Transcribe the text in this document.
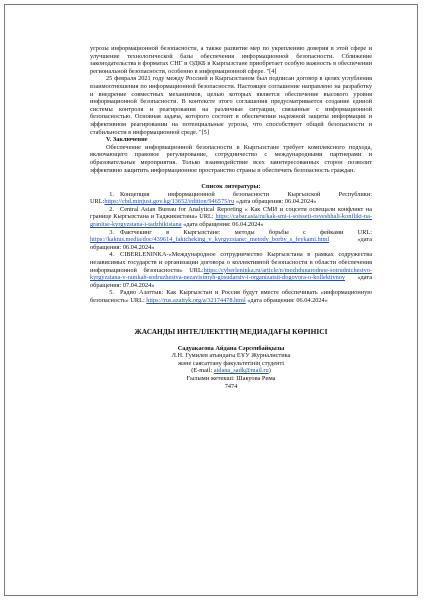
угрозы информационной безопасности, а также развитие мер по укреплению доверия в этой сфере и улучшение технологической базы обеспечения информационной безопасности. Сближение законодательства в форматах СНГ и ОДКБ в Кыргызстане приобретает особую важность в обеспечении региональной безопасности, особенно в информационной сфере. "[4]

25 февраля 2021 году между Россией и Кыргызстаном был подписан договор в целях углубления взаимоотношения по информационной безопасности. Настоящее соглашение направлено на разработку и внедрение совместных механизмов, целью которых является обеспечение высокого уровня информационной безопасности. В контексте этого соглашения предусматривается создание единой системы контроля и реагирования на различные ситуации, связанные с информационной безопасностью. Основная задача, которого состоит в обеспечении надежной защиты информации и эффективном реагировании на потенциальные угрозы, что способствует общей безопасности и стабильности в информационной среде. "[5]

V. Заключение

Обеспечение информационной безопасности в Кыргызстане требует комплексного подхода, включающего правовое регулирование, сотрудничество с международными партнерами и образовательные мероприятия. Только взаимодействие всех заинтересованных сторон позволит эффективно защитить информационное пространство страны и обеспечить безопасность граждан.

Список литературы:

1. Концепция информационной безопасности Кыргызской Республики: URL:https://cbd.minjust.gov.kg/13652/edition/946575/ru «дата обращения: 06.04.2024»

2. Central Asian Bureau for Analytical Reporting « Как СМИ и соцсети освещали конфликт на границе Кыргызстана и Таджикистана» URL: https://cabar.asia/ru/kak-smi-i-sotsseti-osveshhali-konflikt-na-granitse-kyrgyzstana-i-tadzhikistana «дата обращения: 06.04.2024»

3. Фактчекинг в Кыргызстане: методы борьбы с фейками URL: https://kaktus.media/doc/439614_faktcheking_v_kyrgyzstane:_metody_borby_s_feykami.html «дата обращения: 06.04.2024»

4. CIBERLENINKA-«Международное сотрудничество Кыргызстана в рамках содружества независимых государств и организации договора о коллективной безопасности в области обеспечения информационной безопасности» URL:https://cyberleninka.ru/article/n/mezhdunarodnoe-sotrudnichestvo-kyrgyzstana-v-ramkah-sodruzhestva-nezavisimyh-gosudarstv-i-organizatsii-dogovora-o-kollektivnoy «дата обращения: 07.04.2024»

5. Радио Азаттык: Как Кыргызстан и Россия будут вместе обеспечивать «информационную безопасность» URL: https://rus.azattyk.org/a/32174478.html «дата обращения: 06.04.2024»

ЖАСАНДЫ ИНТЕЛЛЕКТТІҢ МЕДИАДАҒЫ КӨРІНІСІ

Садуакасова Айдана Сәрсенбайқызы

Л.Н. Гумилев атындағы ЕҰУ Журналистика

және саясаттану факультетінің студенті

(E-mail: aidana_sadk@mail.ru)

Ғылыми жетекші: Шакуова Рима

7474
